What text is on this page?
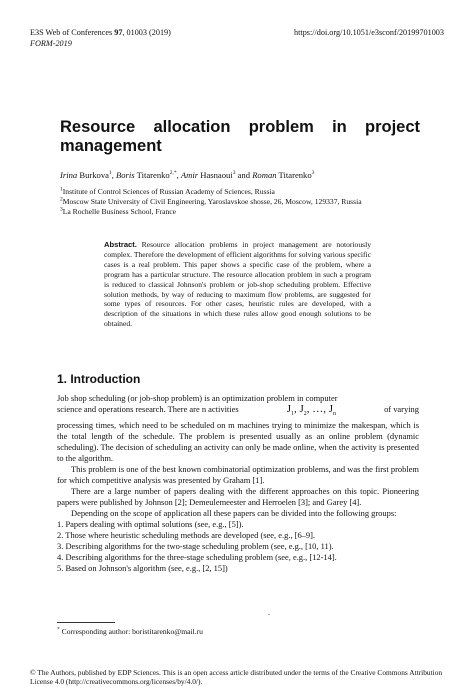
E3S Web of Conferences 97, 01003 (2019)	https://doi.org/10.1051/e3sconf/20199701003
FORM-2019
Resource allocation problem in project
management
Irina Burkova$^1$, Boris Titarenko$^{2,*}$, Amir Hasnaoui$^3$ and Roman Titarenko$^3$
$^1$Institute of Control Sciences of Russian Academy of Sciences, Russia
$^2$Moscow State University of Civil Engineering, Yaroslavskoe shosse, 26, Moscow, 129337, Russia
$^3$La Rochelle Business School, France
Abstract. Resource allocation problems in project management are notoriously complex. Therefore the development of efficient algorithms for solving various specific cases is a real problem. This paper shows a specific case of the problem, where a program has a particular structure. The resource allocation problem in such a program is reduced to classical Johnson's problem or job-shop scheduling problem. Effective solution methods, by way of reducing to maximum flow problems, are suggested for some types of resources. For other cases, heuristic rules are developed, with a description of the situations in which these rules allow good enough solutions to be obtained.
1. Introduction
Job shop scheduling (or job-shop problem) is an optimization problem in computer
science and operations research. There are n activities	$J_1$, $J_2$, …, $J_n$
of varying

processing times, which need to be scheduled on m machines trying to minimize the makespan, which is the total length of the schedule. The problem is presented usually as an online problem (dynamic scheduling). The decision of scheduling an activity can only be made online, when the activity is presented to the algorithm.

This problem is one of the best known combinatorial optimization problems, and was the first problem for which competitive analysis was presented by Graham [1].

There are a large number of papers dealing with the different approaches on this topic. Pioneering papers were published by Johnson [2]; Demeulemeester and Herroelen [3]; and Garey [4].

Depending on the scope of application all these papers can be divided into the following groups:

1. Papers dealing with optimal solutions (see, e.g., [5]).
2. Those where heuristic scheduling methods are developed (see, e.g., [6–9].
3. Describing algorithms for the two-stage scheduling problem (see, e.g., [10, 11).
4. Describing algorithms for the three-stage scheduling problem (see, e.g., [12-14].
5. Based on Johnson's algorithm (see, e.g., [2, 15])
.
* Corresponding author: boristitarenko@mail.ru
© The Authors, published by EDP Sciences. This is an open access article distributed under the terms of the Creative Commons Attribution License 4.0 (http://creativecommons.org/licenses/by/4.0/).
